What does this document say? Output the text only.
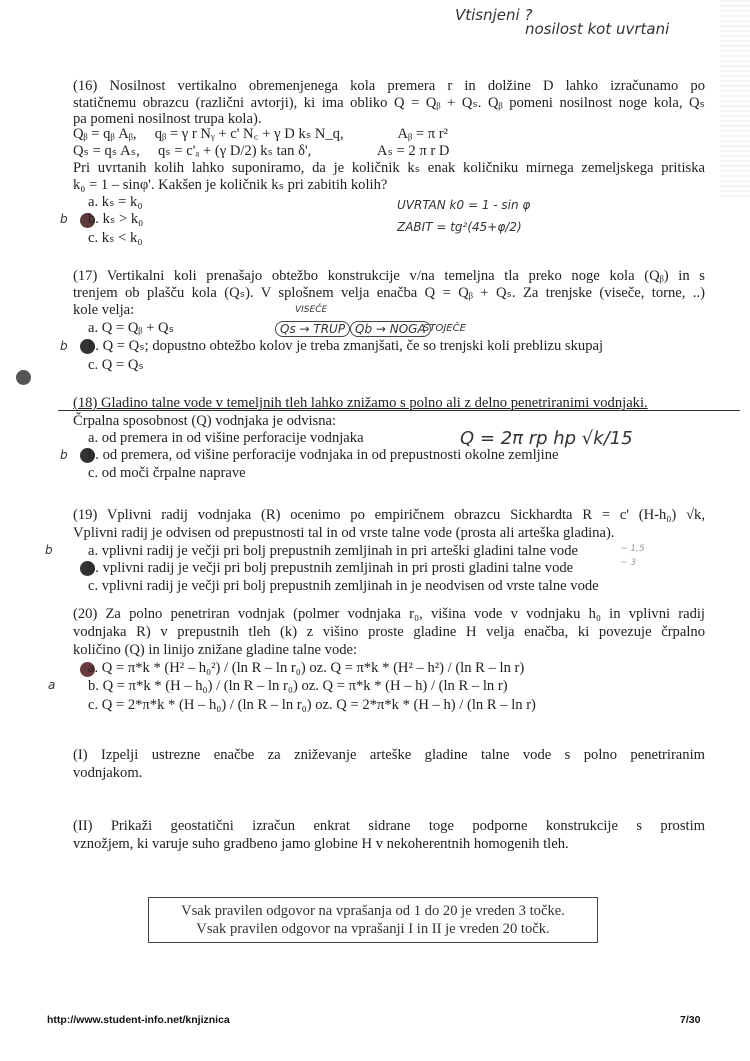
Vtisnjeni ?
nosilost kot uvrtani
(16) Nosilnost vertikalno obremenjenega kola premera r in dolžine D lahko izračunamo po
statičnemu obrazcu (različni avtorji), ki ima obliko Q = Qᵦ + Qₛ. Qᵦ pomeni nosilnost noge kola, Qₛ
pa pomeni nosilnost trupa kola).
Qᵦ = qᵦ Aᵦ,     qᵦ = γ r Nᵧ + c' N꜀ + γ D kₛ N_q,               Aᵦ = π r²
Qₛ = qₛ Aₛ,     qₛ = c'ₐ + (γ D/2) kₛ tan δ',                  Aₛ = 2 π r D
Pri uvrtanih kolih lahko suponiramo, da je količnik kₛ enak količniku mirnega zemeljskega pritiska
k₀ = 1 – sinφ'. Kakšen je količnik kₛ pri zabitih kolih?
a. kₛ = k₀
b b. kₛ > k₀
c. kₛ < k₀
UVRTAN k0 = 1 - sin φ
ZABIT = tg²(45+φ/2)
(17) Vertikalni koli prenašajo obtežbo konstrukcije v/na temeljna tla preko noge kola (Qᵦ) in s
trenjem ob plašču kola (Qₛ). V splošnem velja enačba Q = Qᵦ + Qₛ. Za trenjske (viseče, torne, ..)
kole velja:
a. Q = Qᵦ + Qₛ
b b. Q = Qₛ; dopustno obtežbo kolov je treba zmanjšati, če so trenjski koli preblizu skupaj
c. Q = Qₛ
Qs → TRUP Qb → NOGA
VISEČE
STOJEČE
(18) Gladino talne vode v temeljnih tleh lahko znižamo s polno ali z delno penetriranimi vodnjaki.
Črpalna sposobnost (Q) vodnjaka je odvisna:
a. od premera in od višine perforacije vodnjaka
b b. od premera, od višine perforacije vodnjaka in od prepustnosti okolne zemljine
c. od moči črpalne naprave
Q = 2π rp hp √k/15
(19) Vplivni radij vodnjaka (R) ocenimo po empiričnem obrazcu Sickhardta R = c' (H-h₀) √k,
Vplivni radij je odvisen od prepustnosti tal in od vrste talne vode (prosta ali arteška gladina).
a. vplivni radij je večji pri bolj prepustnih zemljinah in pri arteški gladini talne vode
b
b. vplivni radij je večji pri bolj prepustnih zemljinah in pri prosti gladini talne vode
c. vplivni radij je večji pri bolj prepustnih zemljinah in je neodvisen od vrste talne vode
~ 1,5
~ 3
(20) Za polno penetriran vodnjak (polmer vodnjaka r₀, višina vode v vodnjaku h₀ in vplivni radij
vodnjaka R) v prepustnih tleh (k) z višino proste gladine H velja enačba, ki povezuje črpalno
količino (Q) in linijo znižane gladine talne vode:
a. Q = π*k * (H² – h₀²) / (ln R – ln r₀) oz. Q = π*k * (H² – h²) / (ln R – ln r)
a b. Q = π*k * (H – h₀) / (ln R – ln r₀) oz. Q = π*k * (H – h) / (ln R – ln r)
c. Q = 2*π*k * (H – h₀) / (ln R – ln r₀) oz. Q = 2*π*k * (H – h) / (ln R – ln r)
(I) Izpelji ustrezne enačbe za zniževanje arteške gladine talne vode s polno penetriranim
vodnjakom.
(II) Prikaži geostatični izračun enkrat sidrane toge podporne konstrukcije s prostim
vznožjem, ki varuje suho gradbeno jamo globine H v nekoherentnih homogenih tleh.
Vsak pravilen odgovor na vprašanja od 1 do 20 je vreden 3 točke.
Vsak pravilen odgovor na vprašanji I in II je vreden 20 točk.
http://www.student-info.net/knjiznica	7/30
